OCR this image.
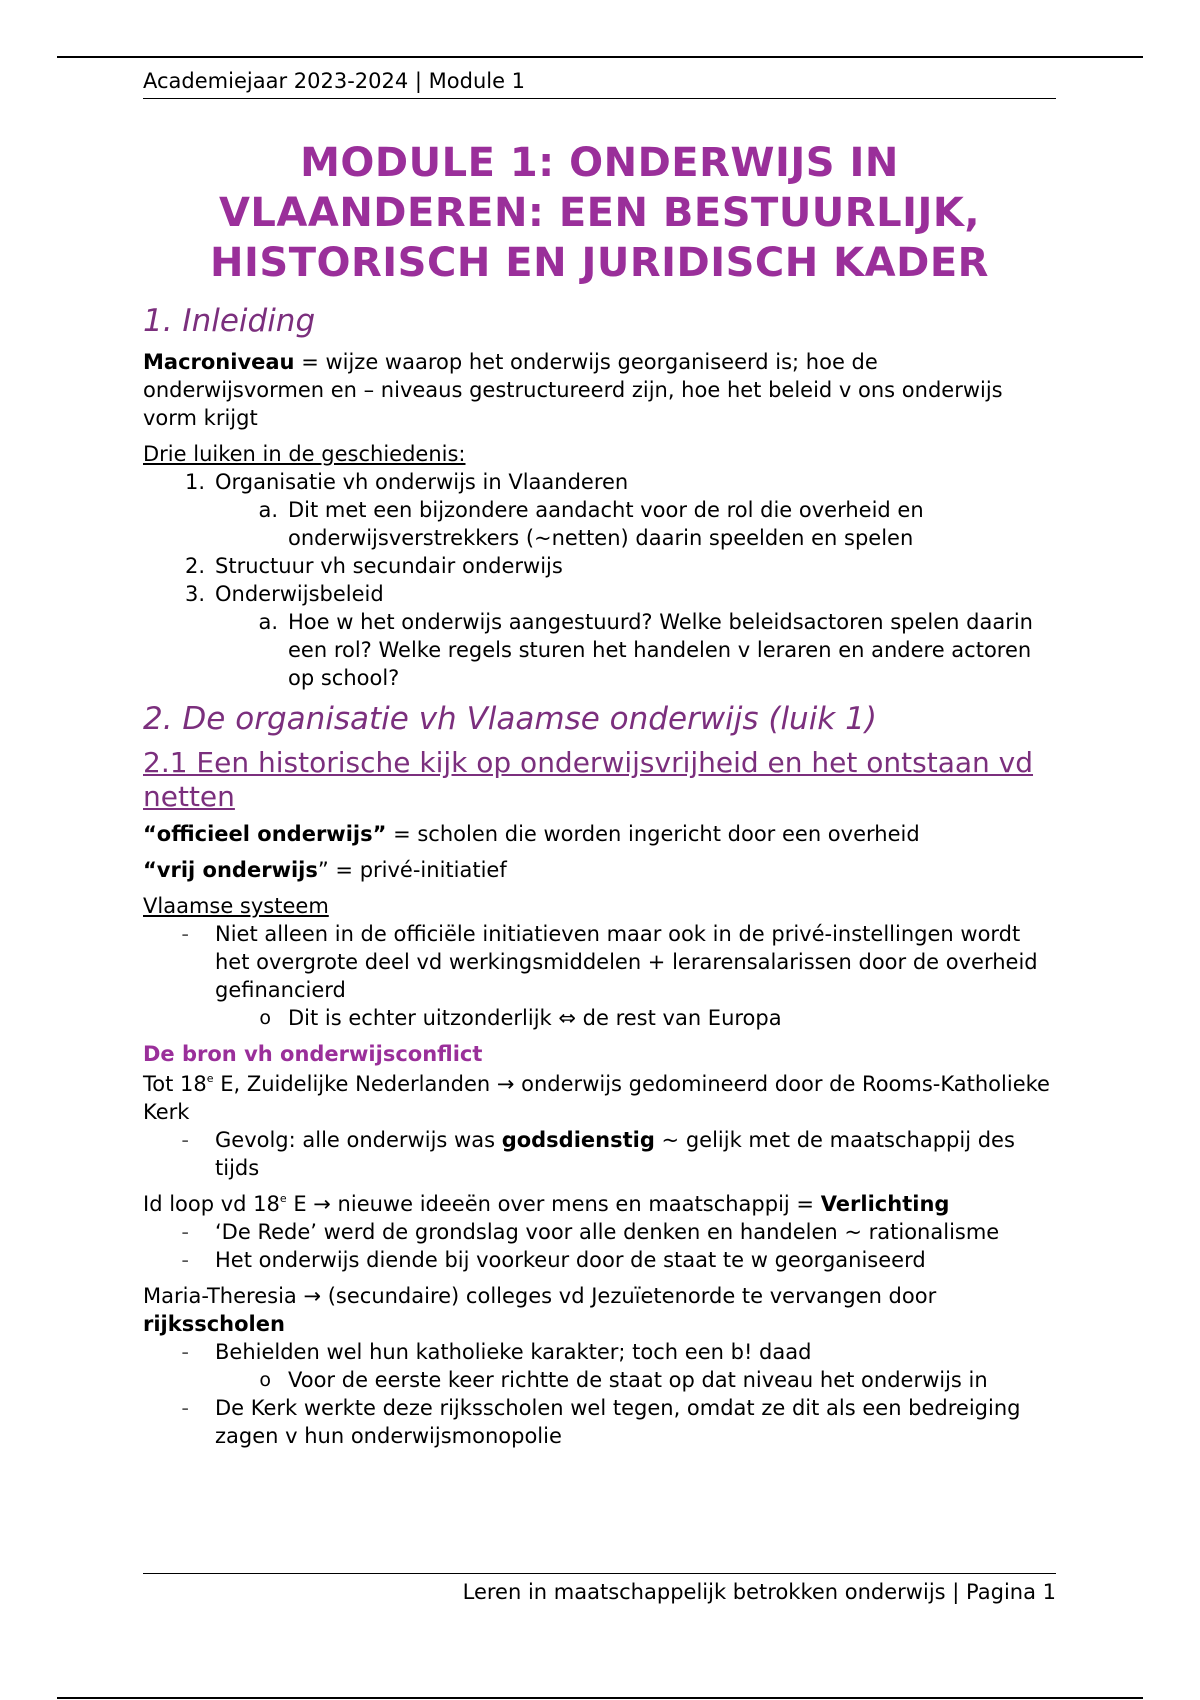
Academiejaar 2023-2024 | Module 1
MODULE 1: ONDERWIJS IN
VLAANDEREN: EEN BESTUURLIJK,
HISTORISCH EN JURIDISCH KADER
1. Inleiding

Macroniveau = wijze waarop het onderwijs georganiseerd is; hoe de onderwijsvormen en – niveaus gestructureerd zijn, hoe het beleid v ons onderwijs vorm krijgt

Drie luiken in de geschiedenis:

1. Organisatie vh onderwijs in Vlaanderen
a. Dit met een bijzondere aandacht voor de rol die overheid en onderwijsverstrekkers (~netten) daarin speelden en spelen
2. Structuur vh secundair onderwijs
3. Onderwijsbeleid
a. Hoe w het onderwijs aangestuurd? Welke beleidsactoren spelen daarin een rol? Welke regels sturen het handelen v leraren en andere actoren op school?
2. De organisatie vh Vlaamse onderwijs (luik 1)
2.1 Een historische kijk op onderwijsvrijheid en het ontstaan vd netten

“officieel onderwijs” = scholen die worden ingericht door een overheid

“vrij onderwijs” = privé-initiatief

Vlaamse systeem

- Niet alleen in de officiële initiatieven maar ook in de privé-instellingen wordt het overgrote deel vd werkingsmiddelen + lerarensalarissen door de overheid gefinancierd
o Dit is echter uitzonderlijk ⇔ de rest van Europa
De bron vh onderwijsconflict

Tot 18e E, Zuidelijke Nederlanden → onderwijs gedomineerd door de Rooms-Katholieke Kerk

- Gevolg: alle onderwijs was godsdienstig ~ gelijk met de maatschappij des tijds

Id loop vd 18e E → nieuwe ideeën over mens en maatschappij = Verlichting

- ‘De Rede’ werd de grondslag voor alle denken en handelen ~ rationalisme
- Het onderwijs diende bij voorkeur door de staat te w georganiseerd

Maria-Theresia → (secundaire) colleges vd Jezuïetenorde te vervangen door rijksscholen

- Behielden wel hun katholieke karakter; toch een b! daad
o Voor de eerste keer richtte de staat op dat niveau het onderwijs in
- De Kerk werkte deze rijksscholen wel tegen, omdat ze dit als een bedreiging zagen v hun onderwijsmonopolie
Leren in maatschappelijk betrokken onderwijs | Pagina 1
